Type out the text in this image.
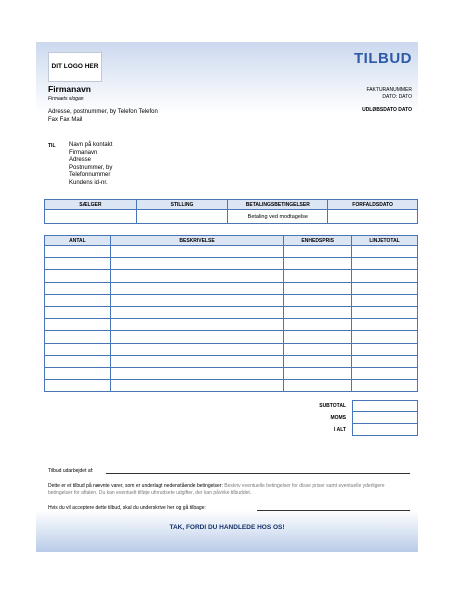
DIT LOGO HER	TILBUD
Firmanavn
Firmaets slogan
Adresse, postnummer, by Telefon Telefon Fax Fax Mail
FAKTURANUMMER
DATO: DATO
UDLØBSDATO DATO
TIL Navn på kontakt
Firmanavn
Adresse
Postnummer, by
Telefonnummer
Kundens id-nr.
SÆLGER	STILLING	BETALINGSBETINGELSER	FORFALDSDATO
		Betaling ved modtagelse	
ANTAL	BESKRIVELSE	ENHEDSPRIS	LINJETOTAL

SUBTOTAL
MOMS
I ALT
Tilbud udarbejdet af:
Dette er et tilbud på nævnte varer, som er underlagt nedenstående betingelser: Beskriv eventuelle betingelser for disse priser samt eventuelle yderligere betingelser for aftalen. Du kan eventuelt tilføje uforudsete udgifter, der kan påvirke tilbuddet.
Hvis du vil acceptere dette tilbud, skal du underskrive her og gå tilbage:
TAK, FORDI DU HANDLEDE HOS OS!
